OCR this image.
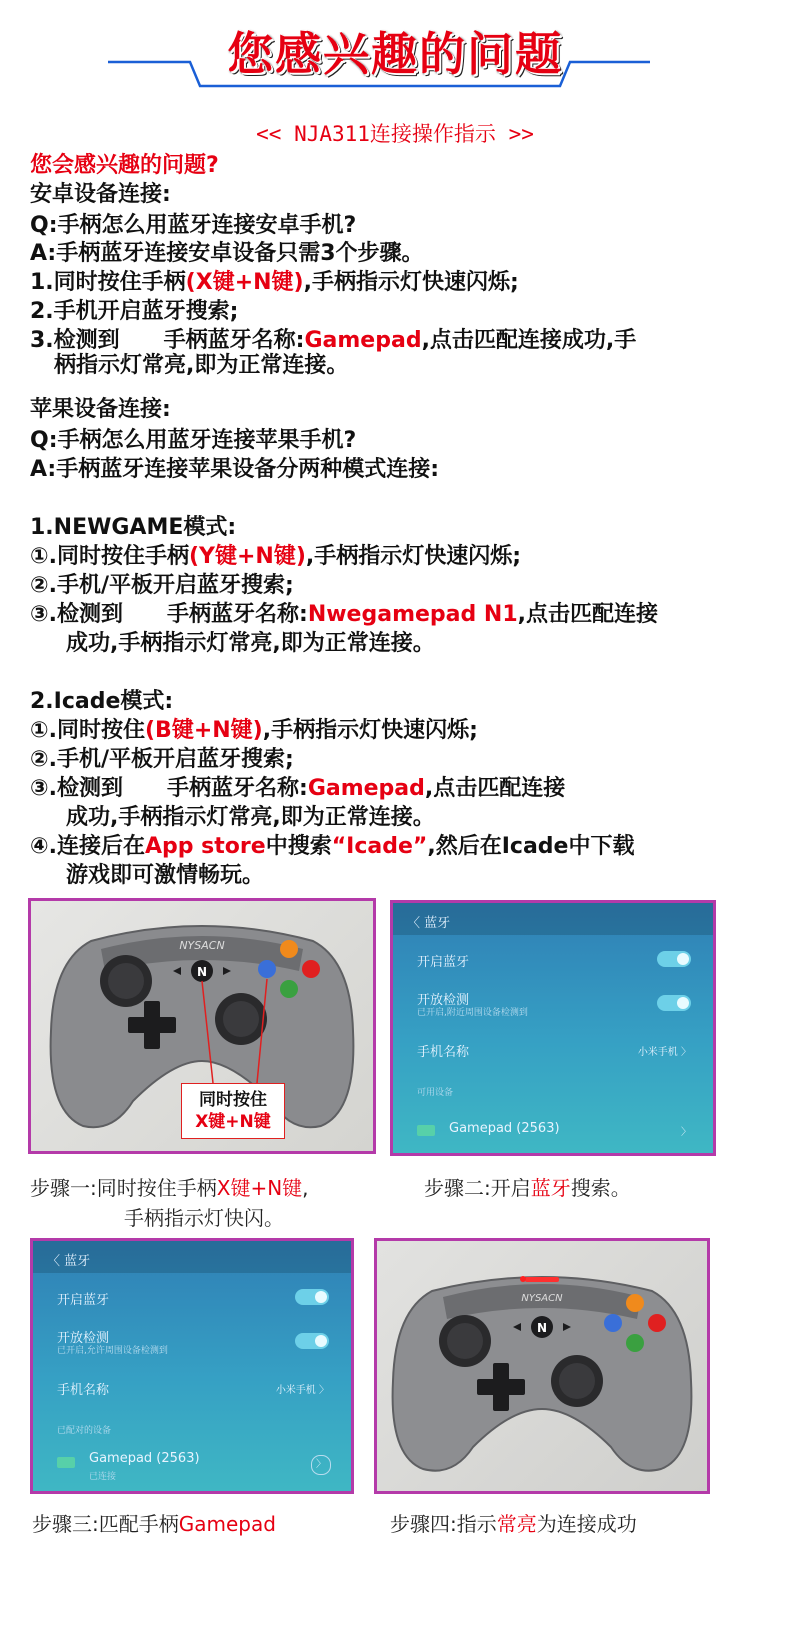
您感兴趣的问题
<< NJA311连接操作指示 >>
您会感兴趣的问题?
安卓设备连接:
Q:手柄怎么用蓝牙连接安卓手机?
A:手柄蓝牙连接安卓设备只需3个步骤。
1.同时按住手柄(X键+N键),手柄指示灯快速闪烁;
2.手机开启蓝牙搜索;
3.检测到 手柄蓝牙名称:Gamepad,点击匹配连接成功,手
柄指示灯常亮,即为正常连接。
苹果设备连接:
Q:手柄怎么用蓝牙连接苹果手机?
A:手柄蓝牙连接苹果设备分两种模式连接:
1.NEWGAME模式:
①.同时按住手柄(Y键+N键),手柄指示灯快速闪烁;
②.手机/平板开启蓝牙搜索;
③.检测到 手柄蓝牙名称:Nwegamepad N1,点击匹配连接
成功,手柄指示灯常亮,即为正常连接。
2.Icade模式:
①.同时按住(B键+N键),手柄指示灯快速闪烁;
②.手机/平板开启蓝牙搜索;
③.检测到 手柄蓝牙名称:Gamepad,点击匹配连接
成功,手柄指示灯常亮,即为正常连接。
④.连接后在App store中搜索“Icade”,然后在Icade中下载
游戏即可激情畅玩。
NYSACN
N
同时按住
X键+N键
〈 蓝牙
开启蓝牙
开放检测
已开启,附近周围设备检测到
手机名称	小米手机 〉
可用设备
Gamepad (2563)	〉
步骤一:同时按住手柄X键+N键,
手柄指示灯快闪。
步骤二:开启蓝牙搜索。
〈 蓝牙
开启蓝牙
开放检测
已开启,允许周围设备检测到
手机名称	小米手机 〉
已配对的设备
Gamepad (2563)
已连接
〉
NYSACN
N
步骤三:匹配手柄Gamepad	步骤四:指示常亮为连接成功
